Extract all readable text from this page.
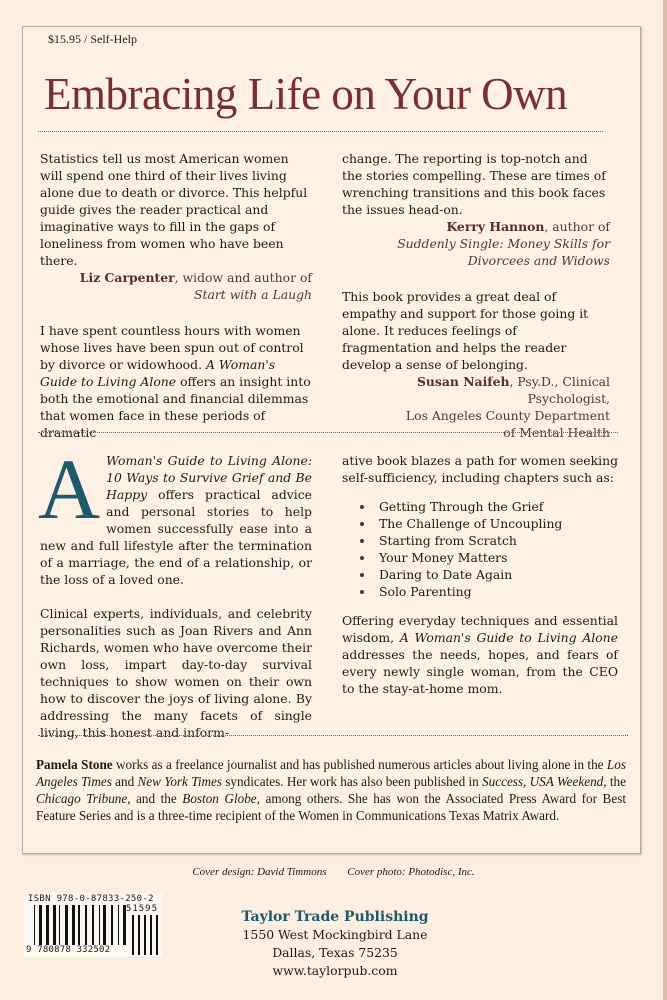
$15.95 / Self-Help
Embracing Life on Your Own

Statistics tell us most American women will spend one third of their lives living alone due to death or divorce. This helpful guide gives the reader practical and imaginative ways to fill in the gaps of loneliness from women who have been there.

Liz Carpenter, widow and author of
Start with a Laugh

I have spent countless hours with women whose lives have been spun out of control by divorce or widowhood. A Woman's Guide to Living Alone offers an insight into both the emotional and financial dilemmas that women face in these periods of dramatic

change. The reporting is top-notch and the stories compelling. These are times of wrenching transitions and this book faces the issues head-on.

Kerry Hannon, author of
Suddenly Single: Money Skills for
Divorcees and Widows

This book provides a great deal of empathy and support for those going it alone. It reduces feelings of fragmentation and helps the reader develop a sense of belonging.

Susan Naifeh, Psy.D., Clinical Psychologist,
Los Angeles County Department
of Mental Health

A Woman's Guide to Living Alone: 10 Ways to Survive Grief and Be Happy offers practical advice and personal stories to help women successfully ease into a new and full lifestyle after the termination of a marriage, the end of a relationship, or the loss of a loved one.

Clinical experts, individuals, and celebrity personalities such as Joan Rivers and Ann Richards, women who have overcome their own loss, impart day-to-day survival techniques to show women on their own how to discover the joys of living alone. By addressing the many facets of single living, this honest and inform-

ative book blazes a path for women seeking self-sufficiency, including chapters such as:

Getting Through the Grief
The Challenge of Uncoupling
Starting from Scratch
Your Money Matters
Daring to Date Again
Solo Parenting

Offering everyday techniques and essential wisdom, A Woman's Guide to Living Alone addresses the needs, hopes, and fears of every newly single woman, from the CEO to the stay-at-home mom.

Pamela Stone works as a freelance journalist and has published numerous articles about living alone in the Los Angeles Times and New York Times syndicates. Her work has also been published in Success, USA Weekend, the Chicago Tribune, and the Boston Globe, among others. She has won the Associated Press Award for Best Feature Series and is a three-time recipient of the Women in Communications Texas Matrix Award.
Cover design: David Timmons Cover photo: Photodisc, Inc.
ISBN 978-0-87833-250-2
51595
9 780878 332502
Taylor Trade Publishing
1550 West Mockingbird Lane
Dallas, Texas 75235
www.taylorpub.com
